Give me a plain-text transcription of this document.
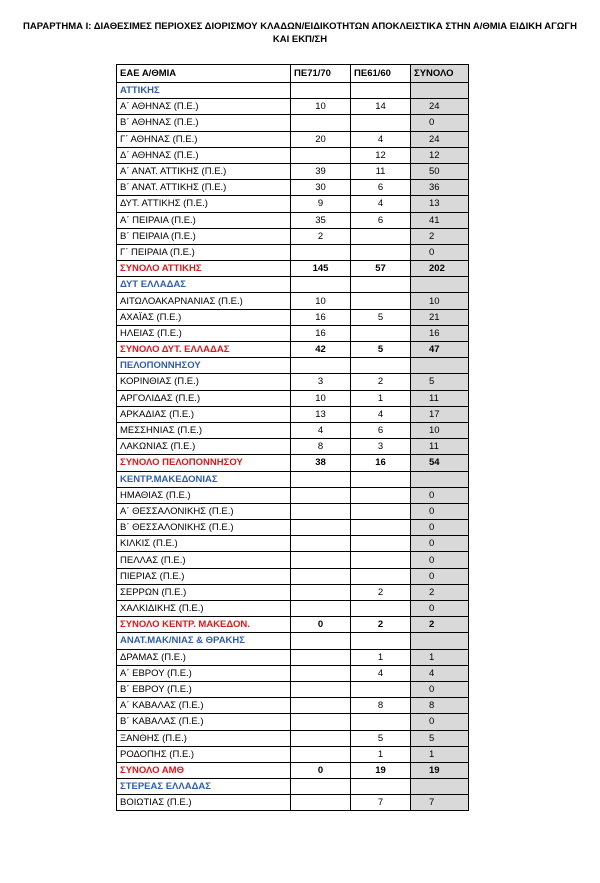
ΠΑΡΑΡΤΗΜΑ Ι: ΔΙΑΘΕΣΙΜΕΣ ΠΕΡΙΟΧΕΣ ΔΙΟΡΙΣΜΟΥ ΚΛΑΔΩΝ/ΕΙΔΙΚΟΤΗΤΩΝ ΑΠΟΚΛΕΙΣΤΙΚΑ ΣΤΗΝ Α/ΘΜΙΑ ΕΙΔΙΚΗ ΑΓΩΓΗ ΚΑΙ ΕΚΠ/ΣΗ
ΕΑΕ Α/ΘΜΙΑ	ΠΕ71/70	ΠΕ61/60	ΣΥΝΟΛΟ
ΑΤΤΙΚΗΣ			
Α΄ ΑΘΗΝΑΣ (Π.Ε.)	10	14	24
Β΄ ΑΘΗΝΑΣ (Π.Ε.)			0
Γ΄ ΑΘΗΝΑΣ (Π.Ε.)	20	4	24
Δ΄ ΑΘΗΝΑΣ (Π.Ε.)		12	12
Α΄ ΑΝΑΤ. ΑΤΤΙΚΗΣ (Π.Ε.)	39	11	50
Β΄ ΑΝΑΤ. ΑΤΤΙΚΗΣ (Π.Ε.)	30	6	36
ΔΥΤ. ΑΤΤΙΚΗΣ (Π.Ε.)	9	4	13
Α΄ ΠΕΙΡΑΙΑ (Π.Ε.)	35	6	41
Β΄ ΠΕΙΡΑΙΑ (Π.Ε.)	2		2
Γ΄ ΠΕΙΡΑΙΑ (Π.Ε.)			0
ΣΥΝΟΛΟ ΑΤΤΙΚΗΣ	145	57	202
ΔΥΤ ΕΛΛΑΔΑΣ			
ΑΙΤΩΛΟΑΚΑΡΝΑΝΙΑΣ (Π.Ε.)	10		10
ΑΧΑΪΑΣ (Π.Ε.)	16	5	21
ΗΛΕΙΑΣ (Π.Ε.)	16		16
ΣΥΝΟΛΟ ΔΥΤ. ΕΛΛΑΔΑΣ	42	5	47
ΠΕΛΟΠΟΝΝΗΣΟΥ			
ΚΟΡΙΝΘΙΑΣ (Π.Ε.)	3	2	5
ΑΡΓΟΛΙΔΑΣ (Π.Ε.)	10	1	11
ΑΡΚΑΔΙΑΣ (Π.Ε.)	13	4	17
ΜΕΣΣΗΝΙΑΣ (Π.Ε.)	4	6	10
ΛΑΚΩΝΙΑΣ (Π.Ε.)	8	3	11
ΣΥΝΟΛΟ ΠΕΛΟΠΟΝΝΗΣΟΥ	38	16	54
ΚΕΝΤΡ.ΜΑΚΕΔΟΝΙΑΣ			
ΗΜΑΘΙΑΣ (Π.Ε.)			0
Α΄ ΘΕΣΣΑΛΟΝΙΚΗΣ (Π.Ε.)			0
Β΄ ΘΕΣΣΑΛΟΝΙΚΗΣ (Π.Ε.)			0
ΚΙΛΚΙΣ (Π.Ε.)			0
ΠΕΛΛΑΣ (Π.Ε.)			0
ΠΙΕΡΙΑΣ (Π.Ε.)			0
ΣΕΡΡΩΝ (Π.Ε.)		2	2
ΧΑΛΚΙΔΙΚΗΣ (Π.Ε.)			0
ΣΥΝΟΛΟ ΚΕΝΤΡ. ΜΑΚΕΔΟΝ.	0	2	2
ΑΝΑΤ.ΜΑΚ/ΝΙΑΣ & ΘΡΑΚΗΣ			
ΔΡΑΜΑΣ (Π.Ε.)		1	1
Α΄ ΕΒΡΟΥ (Π.Ε.)		4	4
Β΄ ΕΒΡΟΥ (Π.Ε.)			0
Α΄ ΚΑΒΑΛΑΣ (Π.Ε.)		8	8
Β΄ ΚΑΒΑΛΑΣ (Π.Ε.)			0
ΞΑΝΘΗΣ (Π.Ε.)		5	5
ΡΟΔΟΠΗΣ (Π.Ε.)		1	1
ΣΥΝΟΛΟ ΑΜΘ	0	19	19
ΣΤΕΡΕΑΣ ΕΛΛΑΔΑΣ			
ΒΟΙΩΤΙΑΣ (Π.Ε.)		7	7
